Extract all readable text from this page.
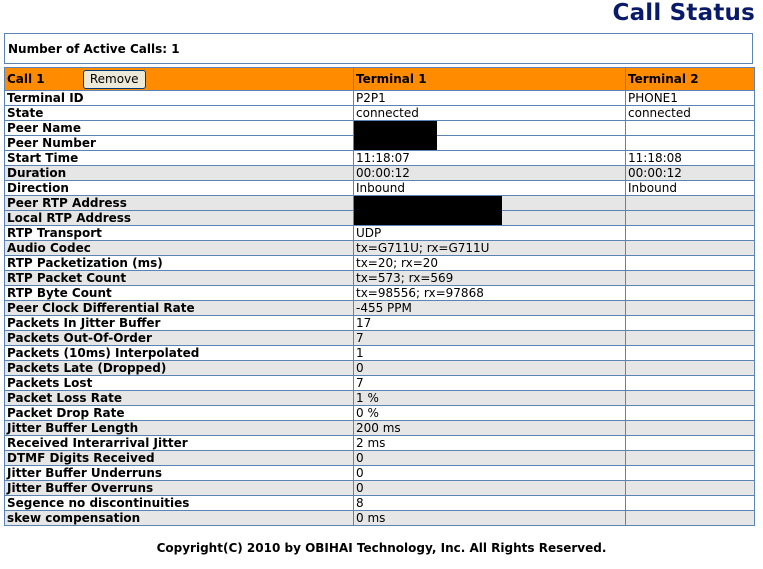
Call Status
Number of Active Calls: 1
Call 1 Remove	Terminal 1	Terminal 2
Terminal ID	P2P1	PHONE1
State	connected	connected
Peer Name	

Peer Number		
Start Time	11:18:07	11:18:08
Duration	00:00:12	00:00:12
Direction	Inbound	Inbound
Peer RTP Address	

Local RTP Address		
RTP Transport	UDP	
Audio Codec	tx=G711U; rx=G711U	
RTP Packetization (ms)	tx=20; rx=20	
RTP Packet Count	tx=573; rx=569	
RTP Byte Count	tx=98556; rx=97868	
Peer Clock Differential Rate	-455 PPM	
Packets In Jitter Buffer	17	
Packets Out-Of-Order	7	
Packets (10ms) Interpolated	1	
Packets Late (Dropped)	0	
Packets Lost	7	
Packet Loss Rate	1 %	
Packet Drop Rate	0 %	
Jitter Buffer Length	200 ms	
Received Interarrival Jitter	2 ms	
DTMF Digits Received	0	
Jitter Buffer Underruns	0	
Jitter Buffer Overruns	0	
Segence no discontinuities	8	
skew compensation	0 ms	
Copyright(C) 2010 by OBIHAI Technology, Inc. All Rights Reserved.
